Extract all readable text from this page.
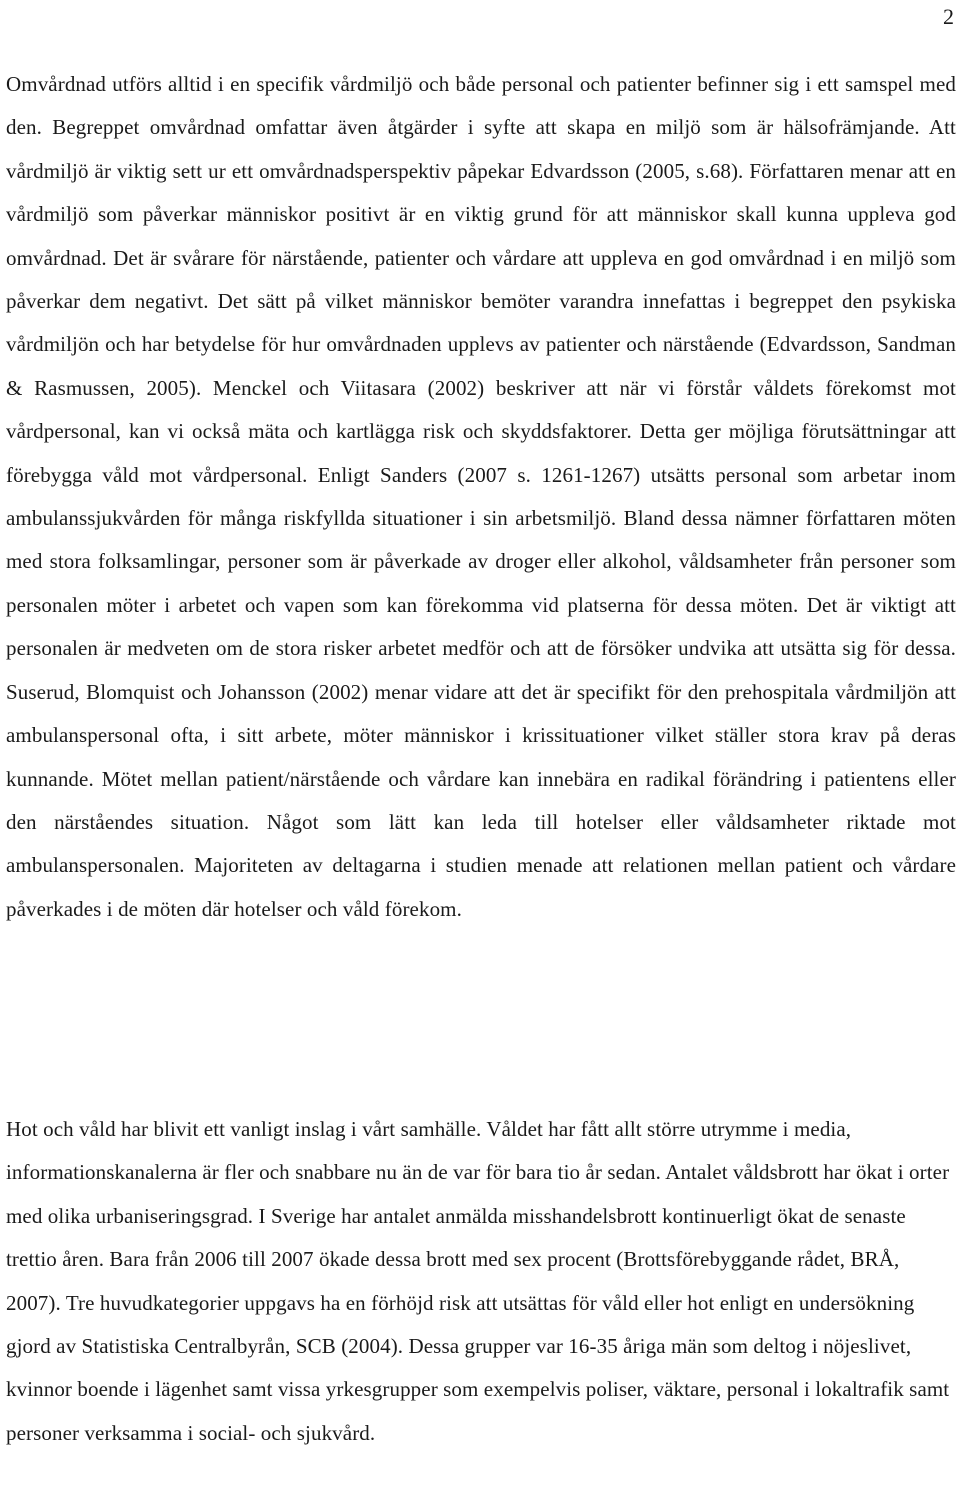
2

Omvårdnad utförs alltid i en specifik vårdmiljö och både personal och patienter befinner sig i ett samspel med den. Begreppet omvårdnad omfattar även åtgärder i syfte att skapa en miljö som är hälsofrämjande. Att vårdmiljö är viktig sett ur ett omvårdnadsperspektiv påpekar Edvardsson (2005, s.68). Författaren menar att en vårdmiljö som påverkar människor positivt är en viktig grund för att människor skall kunna uppleva god omvårdnad. Det är svårare för närstående, patienter och vårdare att uppleva en god omvårdnad i en miljö som påverkar dem negativt. Det sätt på vilket människor bemöter varandra innefattas i begreppet den psykiska vårdmiljön och har betydelse för hur omvårdnaden upplevs av patienter och närstående (Edvardsson, Sandman & Rasmussen, 2005). Menckel och Viitasara (2002) beskriver att när vi förstår våldets förekomst mot vårdpersonal, kan vi också mäta och kartlägga risk och skyddsfaktorer. Detta ger möjliga förutsättningar att förebygga våld mot vårdpersonal. Enligt Sanders (2007 s. 1261-1267) utsätts personal som arbetar inom ambulanssjukvården för många riskfyllda situationer i sin arbetsmiljö. Bland dessa nämner författaren möten med stora folksamlingar, personer som är påverkade av droger eller alkohol, våldsamheter från personer som personalen möter i arbetet och vapen som kan förekomma vid platserna för dessa möten. Det är viktigt att personalen är medveten om de stora risker arbetet medför och att de försöker undvika att utsätta sig för dessa. Suserud, Blomquist och Johansson (2002) menar vidare att det är specifikt för den prehospitala vårdmiljön att ambulanspersonal ofta, i sitt arbete, möter människor i krissituationer vilket ställer stora krav på deras kunnande. Mötet mellan patient/närstående och vårdare kan innebära en radikal förändring i patientens eller den närståendes situation. Något som lätt kan leda till hotelser eller våldsamheter riktade mot ambulanspersonalen. Majoriteten av deltagarna i studien menade att relationen mellan patient och vårdare påverkades i de möten där hotelser och våld förekom.

Hot och våld har blivit ett vanligt inslag i vårt samhälle. Våldet har fått allt större utrymme i media, informationskanalerna är fler och snabbare nu än de var för bara tio år sedan. Antalet våldsbrott har ökat i orter med olika urbaniseringsgrad. I Sverige har antalet anmälda misshandelsbrott kontinuerligt ökat de senaste trettio åren. Bara från 2006 till 2007 ökade dessa brott med sex procent (Brottsförebyggande rådet, BRÅ, 2007). Tre huvudkategorier uppgavs ha en förhöjd risk att utsättas för våld eller hot enligt en undersökning gjord av Statistiska Centralbyrån, SCB (2004). Dessa grupper var 16-35 åriga män som deltog i nöjeslivet, kvinnor boende i lägenhet samt vissa yrkesgrupper som exempelvis poliser, väktare, personal i lokaltrafik samt personer verksamma i social- och sjukvård.
